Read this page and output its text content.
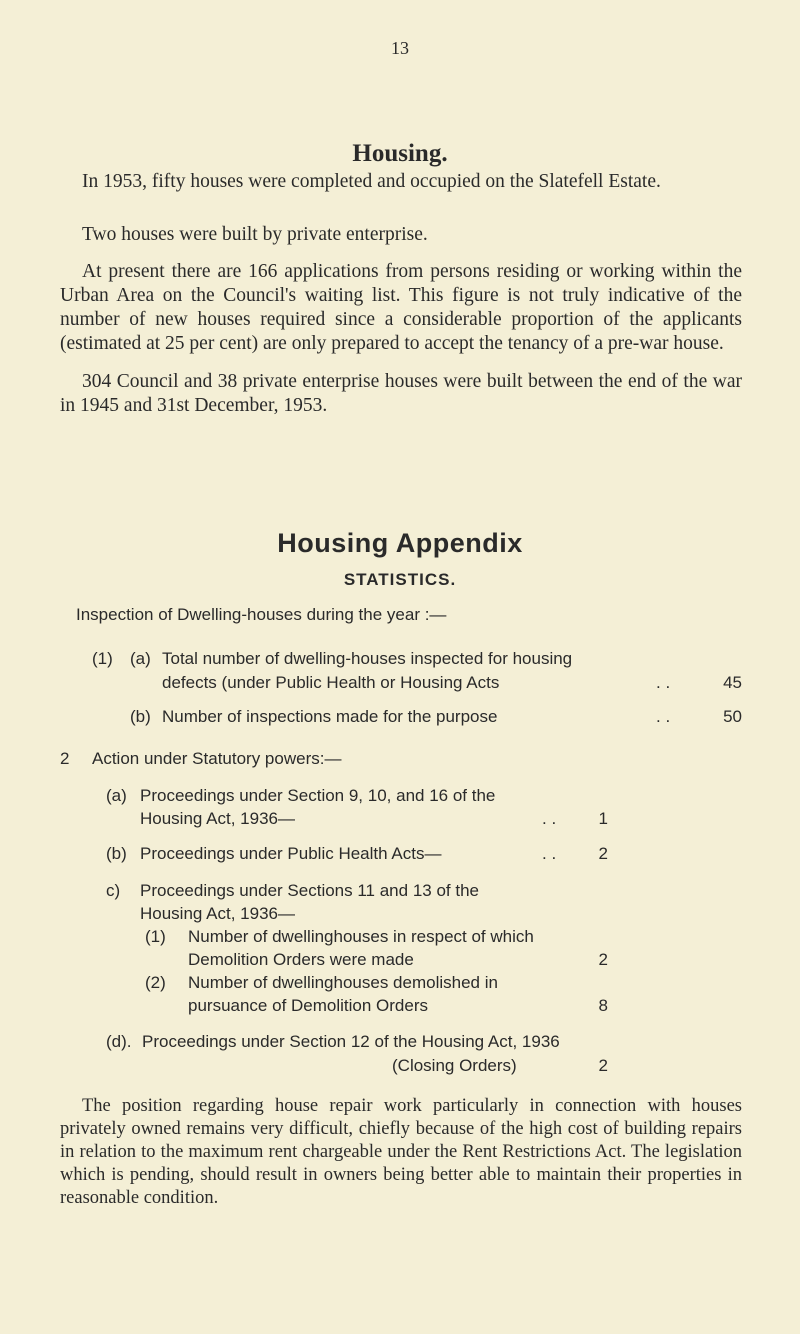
13
Housing.
In 1953, fifty houses were completed and occupied on the Slatefell Estate.
Two houses were built by private enterprise.
At present there are 166 applications from persons residing or working within the Urban Area on the Council's waiting list. This figure is not truly indicative of the number of new houses required since a considerable proportion of the applicants (estimated at 25 per cent) are only prepared to accept the tenancy of a pre-war house.
304 Council and 38 private enterprise houses were built between the end of the war in 1945 and 31st December, 1953.
Housing Appendix
STATISTICS.
Inspection of Dwelling-houses during the year :—
(1) (a) Total number of dwelling-houses inspected for housing
defects (under Public Health or Housing Acts	. .	45
(b) Number of inspections made for the purpose	. .	50
2 Action under Statutory powers:—
(a) Proceedings under Section 9, 10, and 16 of the
Housing Act, 1936—	. .	1
(b) Proceedings under Public Health Acts—	. .	2
c) Proceedings under Sections 11 and 13 of the
Housing Act, 1936—
(1) Number of dwellinghouses in respect of which
Demolition Orders were made	2
(2) Number of dwellinghouses demolished in
pursuance of Demolition Orders	8
(d). Proceedings under Section 12 of the Housing Act, 1936
(Closing Orders)	2
The position regarding house repair work particularly in connection with houses privately owned remains very difficult, chiefly because of the high cost of building repairs in relation to the maximum rent chargeable under the Rent Restrictions Act. The legislation which is pending, should result in owners being better able to maintain their properties in reasonable condition.
